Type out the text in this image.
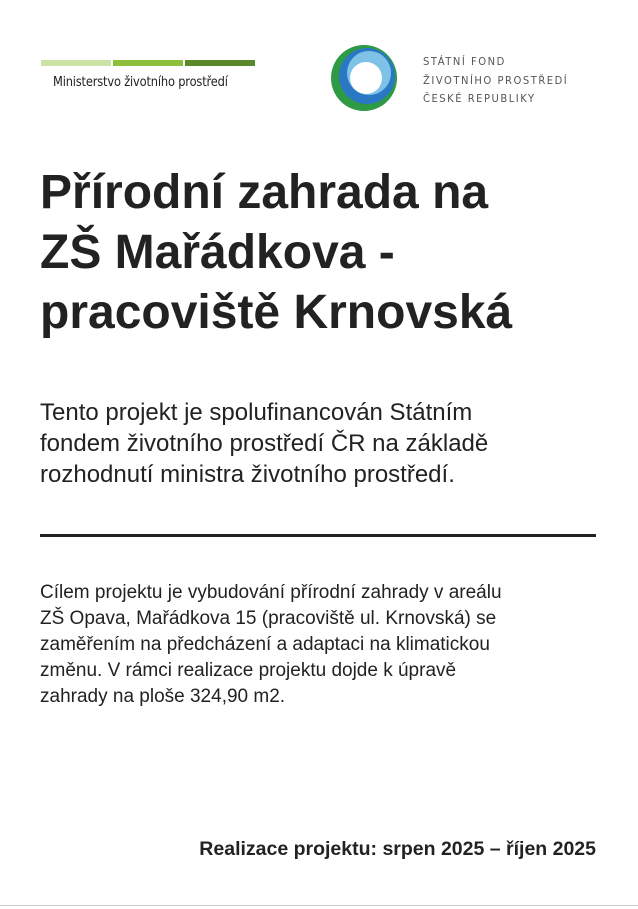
Ministerstvo životního prostředí
STÁTNÍ FOND
ŽIVOTNÍHO PROSTŘEDÍ
ČESKÉ REPUBLIKY
Přírodní zahrada na
ZŠ Mařádkova -
pracoviště Krnovská
Tento projekt je spolufinancován Státním
fondem životního prostředí ČR na základě
rozhodnutí ministra životního prostředí.
Cílem projektu je vybudování přírodní zahrady v areálu
ZŠ Opava, Mařádkova 15 (pracoviště ul. Krnovská) se
zaměřením na předcházení a adaptaci na klimatickou
změnu. V rámci realizace projektu dojde k úpravě
zahrady na ploše 324,90 m2.
Realizace projektu: srpen 2025 – říjen 2025
